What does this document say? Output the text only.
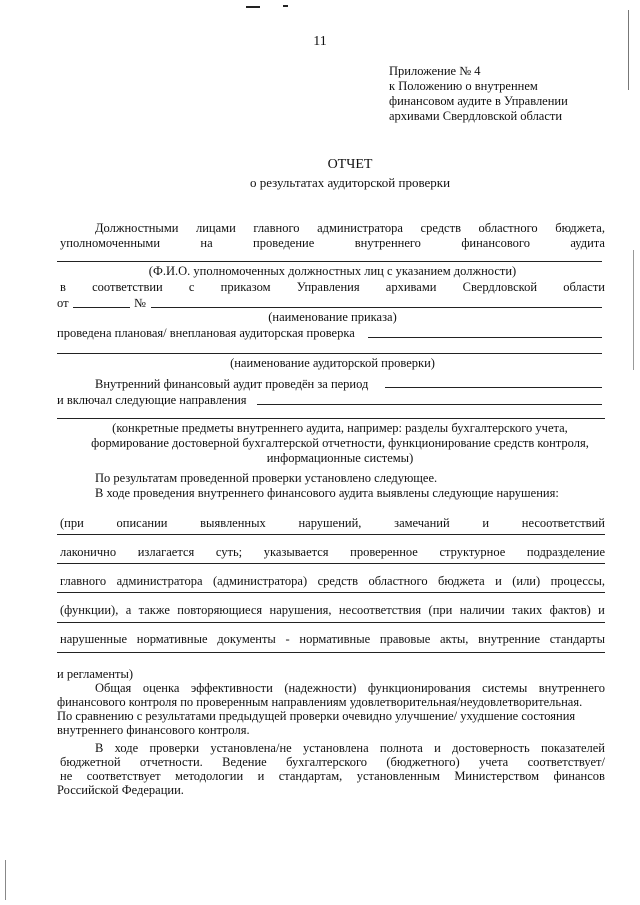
11
Приложение № 4
к Положению о внутреннем
финансовом аудите в Управлении
архивами Свердловской области
ОТЧЕТ
о результатах аудиторской проверки
Должностными лицами главного администратора средств областного бюджета,
уполномоченными	на	проведение	внутреннего	финансового	аудита
(Ф.И.О. уполномоченных должностных лиц с указанием должности)
в соответствии с приказом Управления архивами Свердловской области
от	№
(наименование приказа)
проведена плановая/ внеплановая аудиторская проверка
(наименование аудиторской проверки)
Внутренний финансовый аудит проведён за период
и включал следующие направления
(конкретные предметы внутреннего аудита, например: разделы бухгалтерского учета,
формирование достоверной бухгалтерской отчетности, функционирование средств контроля,
информационные системы)
По результатам проведенной проверки установлено следующее.
В ходе проведения внутреннего финансового аудита выявлены следующие нарушения:
(при	описании	выявленных	нарушений,	замечаний	и	несоответствий
лаконично излагается суть; указывается проверенное структурное подразделение
главного администратора (администратора) средств областного бюджета и (или) процессы,
(функции), а также повторяющиеся нарушения, несоответствия (при наличии таких фактов) и
нарушенные нормативные документы - нормативные правовые акты, внутренние стандарты
и регламенты)
Общая оценка эффективности (надежности) функционирования системы внутреннего
финансового контроля по проверенным направлениям удовлетворительная/неудовлетворительная.
По сравнению с результатами предыдущей проверки очевидно улучшение/ ухудшение состояния
внутреннего финансового контроля.
В ходе проверки установлена/не установлена полнота и достоверность показателей
бюджетной отчетности. Ведение бухгалтерского (бюджетного) учета соответствует/
не соответствует методологии и стандартам, установленным Министерством финансов
Российской Федерации.
